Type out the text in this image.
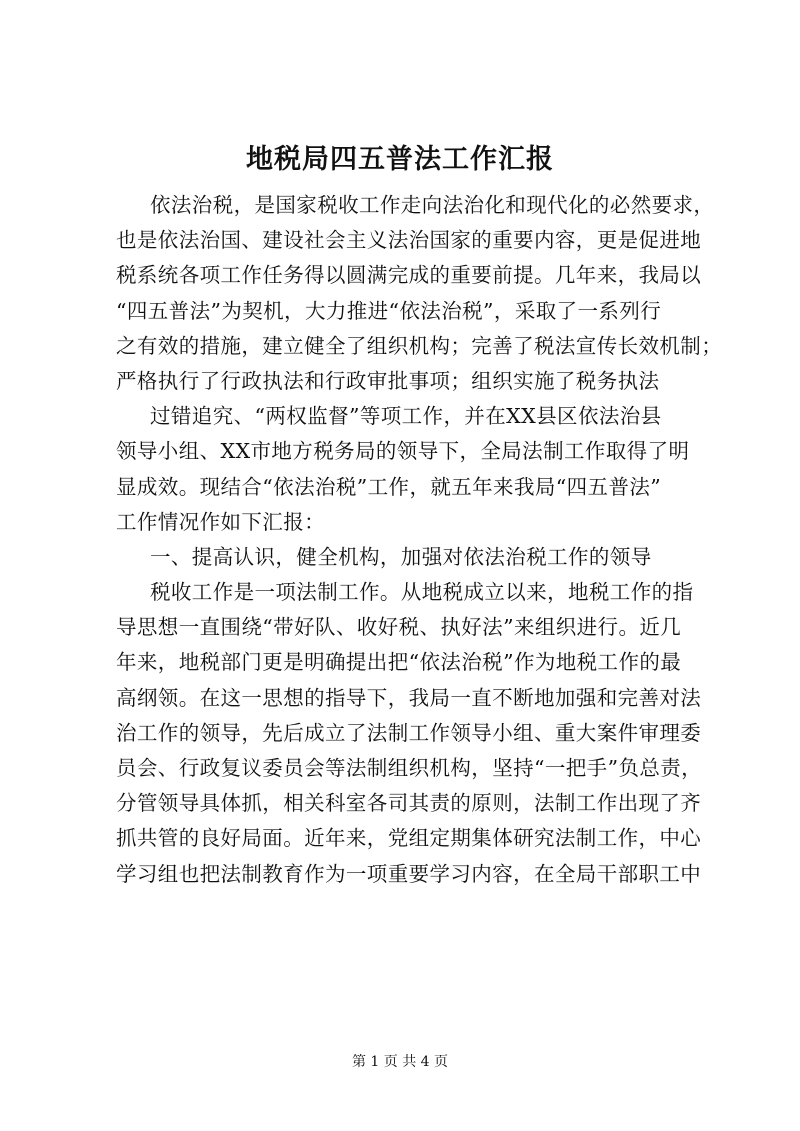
地税局四五普法工作汇报
依法治税，是国家税收工作走向法治化和现代化的必然要求，
也是依法治国、建设社会主义法治国家的重要内容，更是促进地
税系统各项工作任务得以圆满完成的重要前提。几年来，我局以
“四五普法”为契机，大力推进“依法治税”，采取了一系列行
之有效的措施，建立健全了组织机构；完善了税法宣传长效机制；
严格执行了行政执法和行政审批事项；组织实施了税务执法
过错追究、“两权监督”等项工作，并在XX县区依法治县
领导小组、XX市地方税务局的领导下，全局法制工作取得了明
显成效。现结合“依法治税”工作，就五年来我局“四五普法”
工作情况作如下汇报：
一、提高认识，健全机构，加强对依法治税工作的领导
税收工作是一项法制工作。从地税成立以来，地税工作的指
导思想一直围绕“带好队、收好税、执好法”来组织进行。近几
年来，地税部门更是明确提出把“依法治税”作为地税工作的最
高纲领。在这一思想的指导下，我局一直不断地加强和完善对法
治工作的领导，先后成立了法制工作领导小组、重大案件审理委
员会、行政复议委员会等法制组织机构，坚持“一把手”负总责，
分管领导具体抓，相关科室各司其责的原则，法制工作出现了齐
抓共管的良好局面。近年来，党组定期集体研究法制工作，中心
学习组也把法制教育作为一项重要学习内容，在全局干部职工中
第 1 页 共 4 页
